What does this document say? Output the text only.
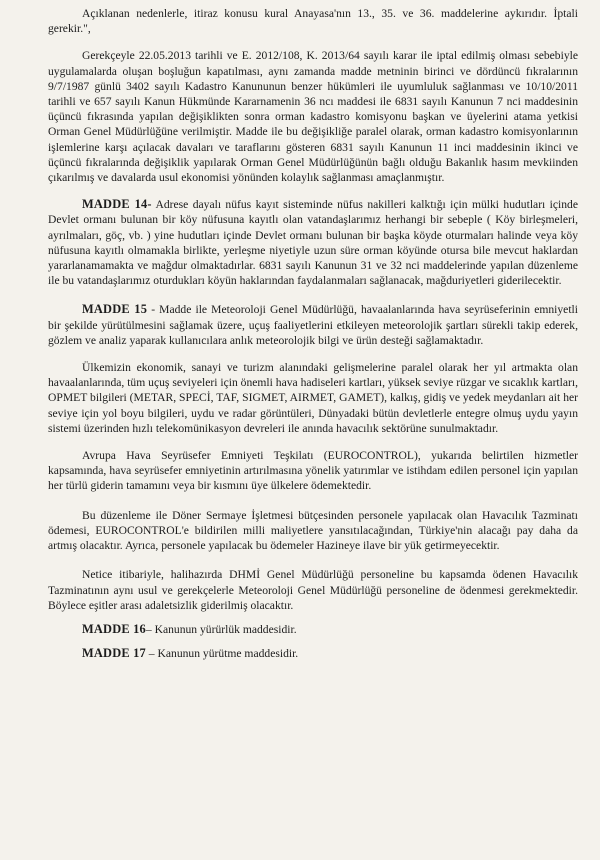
Açıklanan nedenlerle, itiraz konusu kural Anayasa'nın 13., 35. ve 36. maddelerine aykırıdır. İptali gerekir.",

Gerekçeyle 22.05.2013 tarihli ve E. 2012/108, K. 2013/64 sayılı karar ile iptal edilmiş olması sebebiyle uygulamalarda oluşan boşluğun kapatılması, aynı zamanda madde metninin birinci ve dördüncü fıkralarının 9/7/1987 günlü 3402 sayılı Kadastro Kanununun benzer hükümleri ile uyumluluk sağlanması ve 10/10/2011 tarihli ve 657 sayılı Kanun Hükmünde Kararnamenin 36 ncı maddesi ile 6831 sayılı Kanunun 7 nci maddesinin üçüncü fıkrasında yapılan değişiklikten sonra orman kadastro komisyonu başkan ve üyelerini atama yetkisi Orman Genel Müdürlüğüne verilmiştir. Madde ile bu değişikliğe paralel olarak, orman kadastro komisyonlarının işlemlerine karşı açılacak davaları ve taraflarını gösteren 6831 sayılı Kanunun 11 inci maddesinin ikinci ve üçüncü fıkralarında değişiklik yapılarak Orman Genel Müdürlüğünün bağlı olduğu Bakanlık hasım mevkiinden çıkarılmış ve davalarda usul ekonomisi yönünden kolaylık sağlanması amaçlanmıştır.

MADDE 14- Adrese dayalı nüfus kayıt sisteminde nüfus nakilleri kalktığı için mülki hudutları içinde Devlet ormanı bulunan bir köy nüfusuna kayıtlı olan vatandaşlarımız herhangi bir sebeple ( Köy birleşmeleri, ayrılmaları, göç, vb. ) yine hudutları içinde Devlet ormanı bulunan bir başka köyde oturmaları halinde veya köy nüfusuna kayıtlı olmamakla birlikte, yerleşme niyetiyle uzun süre orman köyünde otursa bile mevcut haklardan yararlanamamakta ve mağdur olmaktadırlar. 6831 sayılı Kanunun 31 ve 32 nci maddelerinde yapılan düzenleme ile bu vatandaşlarımız oturdukları köyün haklarından faydalanmaları sağlanacak, mağduriyetleri giderilecektir.

MADDE 15 - Madde ile Meteoroloji Genel Müdürlüğü, havaalanlarında hava seyrüseferinin emniyetli bir şekilde yürütülmesini sağlamak üzere, uçuş faaliyetlerini etkileyen meteorolojik şartları sürekli takip ederek, gözlem ve analiz yaparak kullanıcılara anlık meteorolojik bilgi ve ürün desteği sağlamaktadır.

Ülkemizin ekonomik, sanayi ve turizm alanındaki gelişmelerine paralel olarak her yıl artmakta olan havaalanlarında, tüm uçuş seviyeleri için önemli hava hadiseleri kartları, yüksek seviye rüzgar ve sıcaklık kartları, OPMET bilgileri (METAR, SPECİ, TAF, SIGMET, AIRMET, GAMET), kalkış, gidiş ve yedek meydanları ait her seviye için yol boyu bilgileri, uydu ve radar görüntüleri, Dünyadaki bütün devletlerle entegre olmuş uydu yayın sistemi üzerinden hızlı telekomünikasyon devreleri ile anında havacılık sektörüne sunulmaktadır.

Avrupa Hava Seyrüsefer Emniyeti Teşkilatı (EUROCONTROL), yukarıda belirtilen hizmetler kapsamında, hava seyrüsefer emniyetinin artırılmasına yönelik yatırımlar ve istihdam edilen personel için yapılan her türlü giderin tamamını veya bir kısmını üye ülkelere ödemektedir.

Bu düzenleme ile Döner Sermaye İşletmesi bütçesinden personele yapılacak olan Havacılık Tazminatı ödemesi, EUROCONTROL'e bildirilen milli maliyetlere yansıtılacağından, Türkiye'nin alacağı pay daha da artmış olacaktır. Ayrıca, personele yapılacak bu ödemeler Hazineye ilave bir yük getirmeyecektir.

Netice itibariyle, halihazırda DHMİ Genel Müdürlüğü personeline bu kapsamda ödenen Havacılık Tazminatının aynı usul ve gerekçelerle Meteoroloji Genel Müdürlüğü personeline de ödenmesi gerekmektedir. Böylece eşitler arası adaletsizlik giderilmiş olacaktır.

MADDE 16– Kanunun yürürlük maddesidir.

MADDE 17 – Kanunun yürütme maddesidir.
